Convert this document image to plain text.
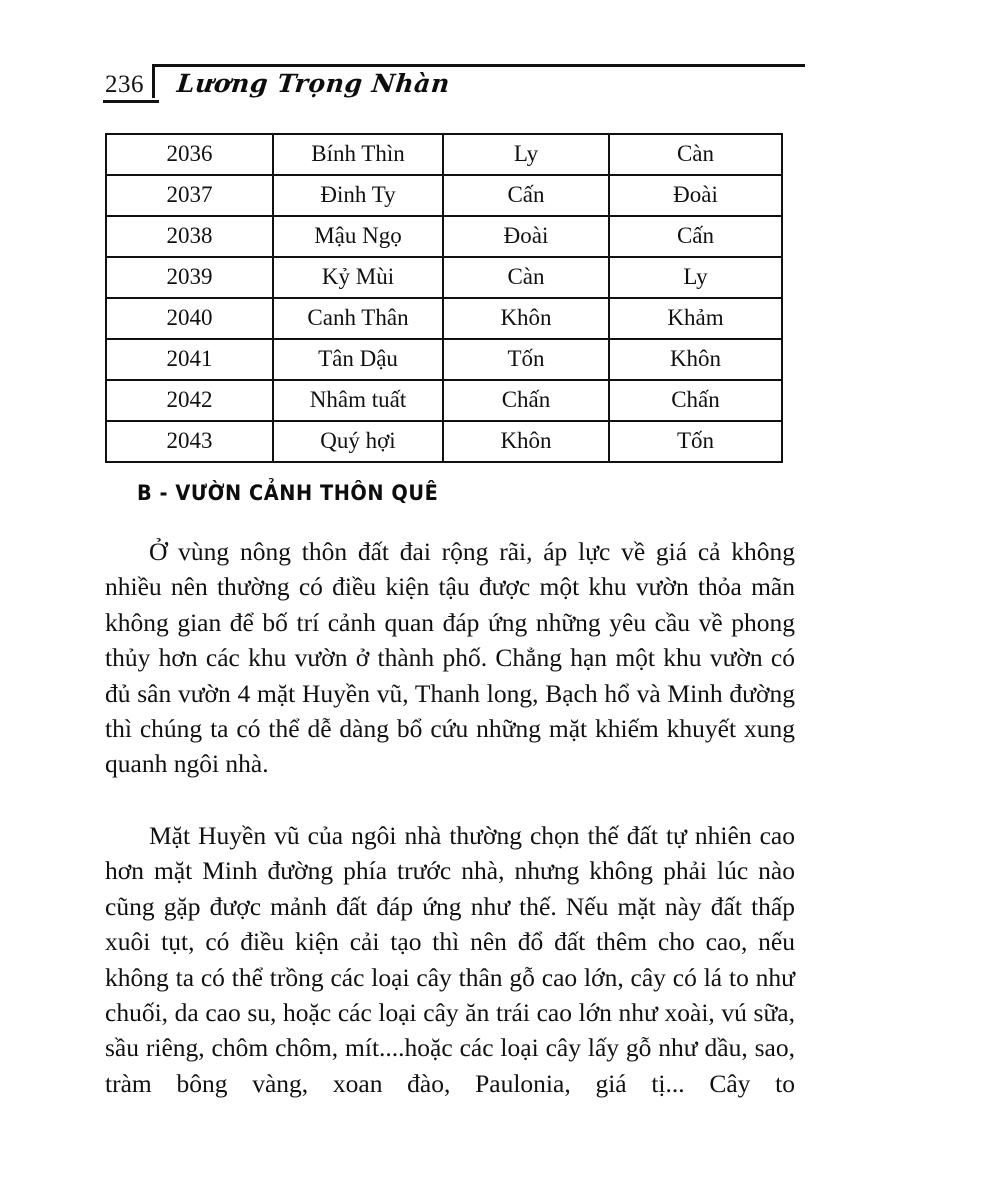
236 Lương Trọng Nhàn
2036	Bính Thìn	Ly	Càn
2037	Đinh Ty	Cấn	Đoài
2038	Mậu Ngọ	Đoài	Cấn
2039	Kỷ Mùi	Càn	Ly
2040	Canh Thân	Khôn	Khảm
2041	Tân Dậu	Tốn	Khôn
2042	Nhâm tuất	Chấn	Chấn
2043	Quý hợi	Khôn	Tốn
B - VƯỜN CẢNH THÔN QUÊ

Ở vùng nông thôn đất đai rộng rãi, áp lực về giá cả không nhiều nên thường có điều kiện tậu được một khu vườn thỏa mãn không gian để bố trí cảnh quan đáp ứng những yêu cầu về phong thủy hơn các khu vườn ở thành phố. Chẳng hạn một khu vườn có đủ sân vườn 4 mặt Huyền vũ, Thanh long, Bạch hổ và Minh đường thì chúng ta có thể dễ dàng bổ cứu những mặt khiếm khuyết xung quanh ngôi nhà.

Mặt Huyền vũ của ngôi nhà thường chọn thế đất tự nhiên cao hơn mặt Minh đường phía trước nhà, nhưng không phải lúc nào cũng gặp được mảnh đất đáp ứng như thế. Nếu mặt này đất thấp xuôi tụt, có điều kiện cải tạo thì nên đổ đất thêm cho cao, nếu không ta có thể trồng các loại cây thân gỗ cao lớn, cây có lá to như chuối, da cao su, hoặc các loại cây ăn trái cao lớn như xoài, vú sữa, sầu riêng, chôm chôm, mít....hoặc các loại cây lấy gỗ như dầu, sao, tràm bông vàng, xoan đào, Paulonia, giá tị... Cây to
